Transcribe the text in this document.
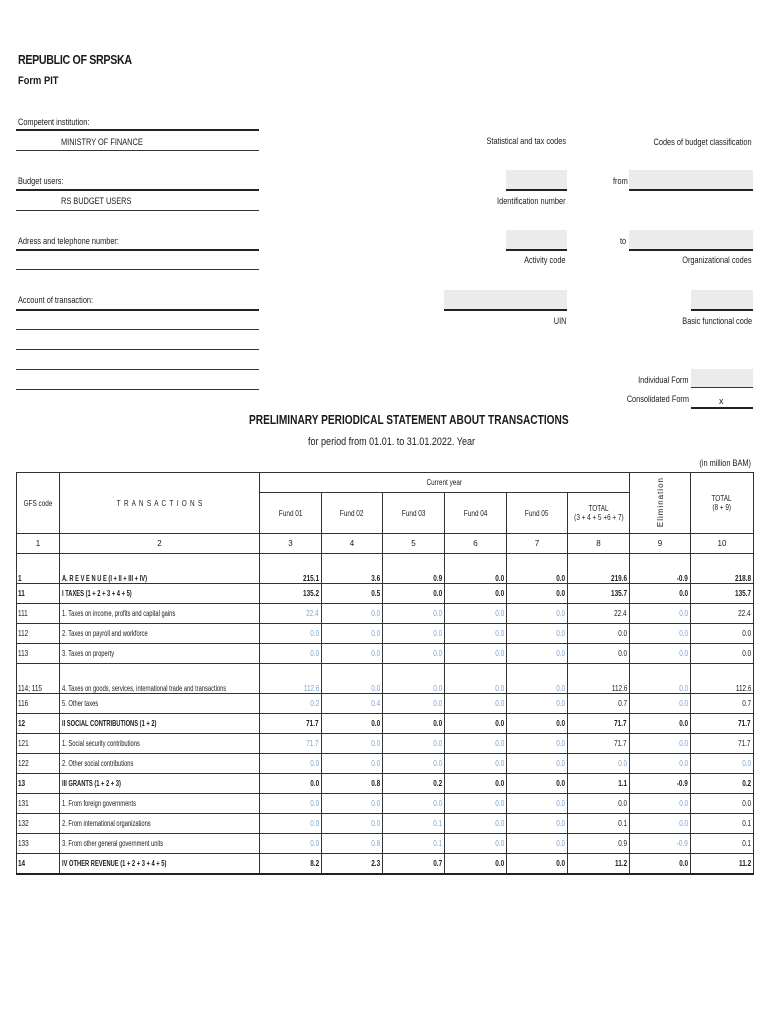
REPUBLIC OF SRPSKA
Form PIT
Competent institution:
MINISTRY OF FINANCE
Budget users:
RS BUDGET USERS
Adress and telephone number:
Account of transaction:
Statistical and tax codes	Codes of budget classification
Identification number
from
Activity code
to
Organizational codes
UIN	Basic functional code
Individual Form
Consolidated Form	x
PRELIMINARY PERIODICAL STATEMENT ABOUT TRANSACTIONS
for period from 01.01. to 31.01.2022. Year
(in million BAM)
GFS code	T R A N S A C T I O N S	Current year						Elimination	TOTAL
(8 + 9)
		Fund 01	Fund 02	Fund 03	Fund 04	Fund 05	TOTAL
(3 + 4 + 5 +6 + 7)		
1	2	3	4	5	6	7	8	9	10
1	A. R E V E N U E (I + II + III + IV)	215.1	3.6	0.9	0.0	0.0	219.6	-0.9	218.8
11	I TAXES (1 + 2 + 3 + 4 + 5)	135.2	0.5	0.0	0.0	0.0	135.7	0.0	135.7
111	1. Taxes on income, profits and capital gains	22.4	0.0	0.0	0.0	0.0	22.4	0.0	22.4
112	2. Taxes on payroll and workforce	0.0	0.0	0.0	0.0	0.0	0.0	0.0	0.0
113	3. Taxes on property	0.0	0.0	0.0	0.0	0.0	0.0	0.0	0.0
114; 115	4. Taxes on goods, services, international trade and transactions	112.6	0.0	0.0	0.0	0.0	112.6	0.0	112.6
116	5. Other taxes	0.2	0.4	0.0	0.0	0.0	0.7	0.0	0.7
12	II SOCIAL CONTRIBUTIONS (1 + 2)	71.7	0.0	0.0	0.0	0.0	71.7	0.0	71.7
121	1. Social security contributions	71.7	0.0	0.0	0.0	0.0	71.7	0.0	71.7
122	2. Other social contributions	0.0	0.0	0.0	0.0	0.0	0.0	0.0	0.0
13	III GRANTS (1 + 2 + 3)	0.0	0.8	0.2	0.0	0.0	1.1	-0.9	0.2
131	1. From foreign governments	0.0	0.0	0.0	0.0	0.0	0.0	0.0	0.0
132	2. From international organizations	0.0	0.0	0.1	0.0	0.0	0.1	0.0	0.1
133	3. From other general government units	0.0	0.8	0.1	0.0	0.0	0.9	-0.9	0.1
14	IV OTHER REVENUE (1 + 2 + 3 + 4 + 5)	8.2	2.3	0.7	0.0	0.0	11.2	0.0	11.2
